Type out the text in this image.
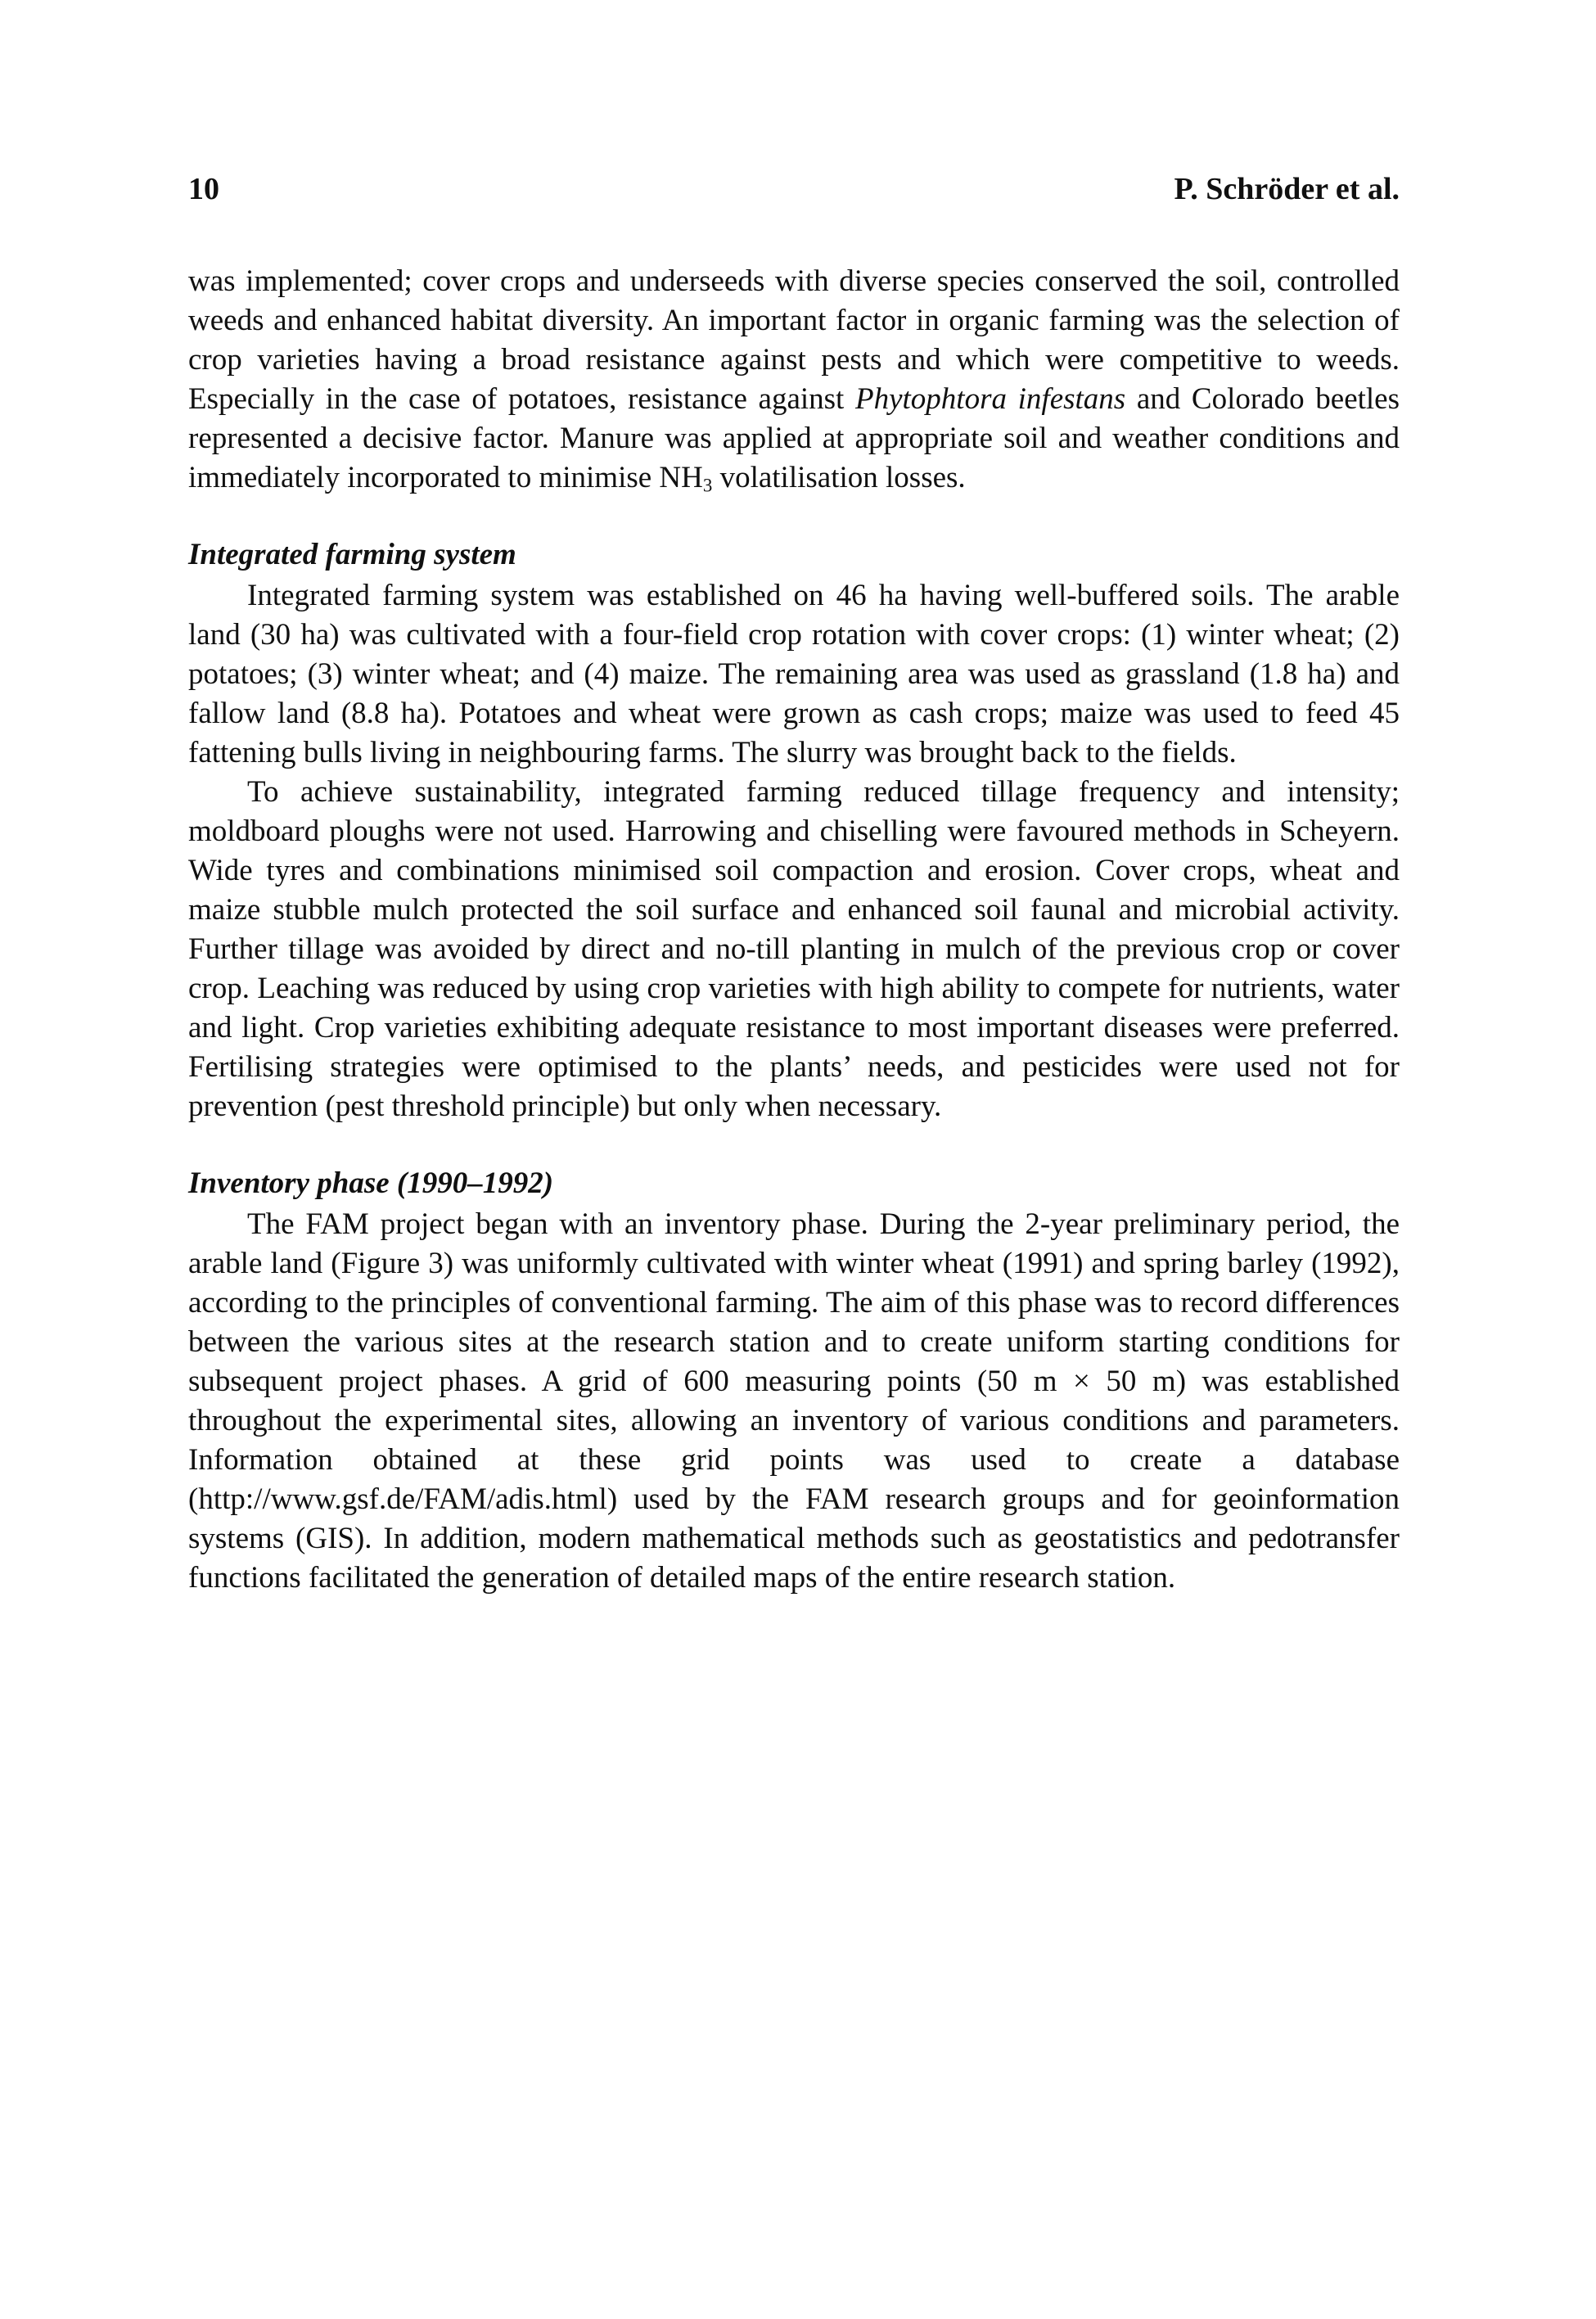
10	P. Schröder et al.

was implemented; cover crops and underseeds with diverse species conserved the soil, controlled weeds and enhanced habitat diversity. An important factor in organic farming was the selection of crop varieties having a broad resistance against pests and which were competitive to weeds. Especially in the case of potatoes, resistance against Phytophtora infestans and Colorado beetles represented a decisive factor. Manure was applied at appropriate soil and weather conditions and immediately incorporated to minimise $NH_3$ volatilisation losses.

Integrated farming system

Integrated farming system was established on 46 ha having well-buffered soils. The arable land (30 ha) was cultivated with a four-field crop rotation with cover crops: (1) winter wheat; (2) potatoes; (3) winter wheat; and (4) maize. The remaining area was used as grassland (1.8 ha) and fallow land (8.8 ha). Potatoes and wheat were grown as cash crops; maize was used to feed 45 fattening bulls living in neighbouring farms. The slurry was brought back to the fields.

To achieve sustainability, integrated farming reduced tillage frequency and intensity; moldboard ploughs were not used. Harrowing and chiselling were favoured methods in Scheyern. Wide tyres and combinations minimised soil compaction and erosion. Cover crops, wheat and maize stubble mulch protected the soil surface and enhanced soil faunal and microbial activity. Further tillage was avoided by direct and no-till planting in mulch of the previous crop or cover crop. Leaching was reduced by using crop varieties with high ability to compete for nutrients, water and light. Crop varieties exhibiting adequate resistance to most important diseases were preferred. Fertilising strategies were optimised to the plants’ needs, and pesticides were used not for prevention (pest threshold principle) but only when necessary.

Inventory phase (1990–1992)

The FAM project began with an inventory phase. During the 2-year preliminary period, the arable land (Figure 3) was uniformly cultivated with winter wheat (1991) and spring barley (1992), according to the principles of conventional farming. The aim of this phase was to record differences between the various sites at the research station and to create uniform starting conditions for subsequent project phases. A grid of 600 measuring points (50 m × 50 m) was established throughout the experimental sites, allowing an inventory of various conditions and parameters. Information obtained at these grid points was used to create a database (http://www.gsf.de/FAM/adis.html) used by the FAM research groups and for geoinformation systems (GIS). In addition, modern mathematical methods such as geostatistics and pedotransfer functions facilitated the generation of detailed maps of the entire research station.
